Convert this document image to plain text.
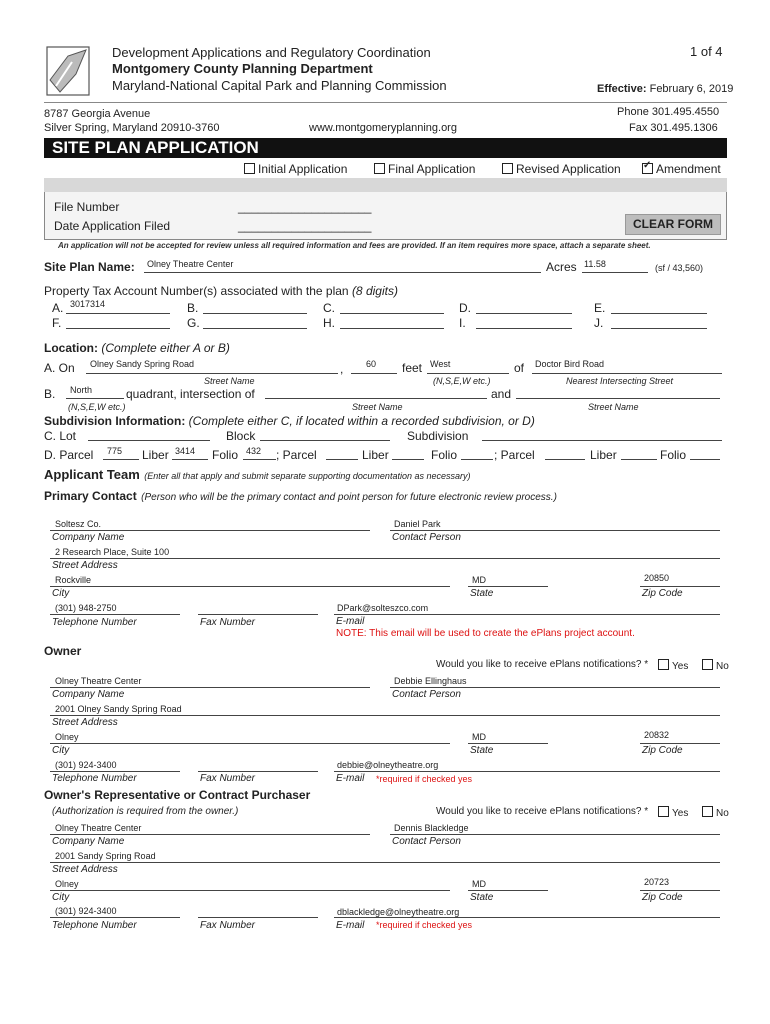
Development Applications and Regulatory Coordination
Montgomery County Planning Department
Maryland-National Capital Park and Planning Commission
1 of 4
Effective: February 6, 2019
8787 Georgia Avenue
Silver Spring, Maryland 20910-3760	www.montgomeryplanning.org
Phone 301.495.4550
Fax 301.495.1306
SITE PLAN APPLICATION
Initial Application	Final Application	Revised Application
✓	Amendment
File Number
Date Application Filed
____________________
____________________	CLEAR FORM
An application will not be accepted for review unless all required information and fees are provided. If an item requires more space, attach a separate sheet.
Site Plan Name: Olney Theatre Center	Acres 11.58	(sf / 43,560)
Property Tax Account Number(s) associated with the plan (8 digits)
A. 3017314	B.	C.	D.	E.
F.	G.	H.	I.	J.
Location: (Complete either A or B)
A. On Olney Sandy Spring Road	,	60 feet West	of Doctor Bird Road
Street Name	(N,S,E,W etc.)	Nearest Intersecting Street
B. North	quadrant, intersection of	and
(N,S,E,W etc.)	Street Name	Street Name
Subdivision Information: (Complete either C, if located within a recorded subdivision, or D)
C. Lot	Block	Subdivision
D. Parcel 775 Liber 3414 Folio 432 ; Parcel	Liber	Folio	; Parcel	Liber	Folio
Applicant Team (Enter all that apply and submit separate supporting documentation as necessary)
Primary Contact (Person who will be the primary contact and point person for future electronic review process.)
Soltesz Co.
Company Name
Daniel Park
Contact Person
2 Research Place, Suite 100
Street Address
Rockville
City
MD
State
20850
Zip Code
(301) 948-2750
Telephone Number	Fax Number
DPark@solteszco.com
E-mail
NOTE: This email will be used to create the ePlans project account.
Owner
Would you like to receive ePlans notifications? *	Yes	No
Olney Theatre Center
Company Name
Debbie Ellinghaus
Contact Person
2001 Olney Sandy Spring Road
Street Address
Olney
City
MD
State
20832
Zip Code
(301) 924-3400
Telephone Number	Fax Number
debbie@olneytheatre.org
E-mail *required if checked yes
Owner's Representative or Contract Purchaser
(Authorization is required from the owner.)	Would you like to receive ePlans notifications? *	Yes	No
Olney Theatre Center
Company Name
Dennis Blackledge
Contact Person
2001 Sandy Spring Road
Street Address
Olney
City
MD
State
20723
Zip Code
(301) 924-3400
Telephone Number	Fax Number
dblackledge@olneytheatre.org
E-mail *required if checked yes
